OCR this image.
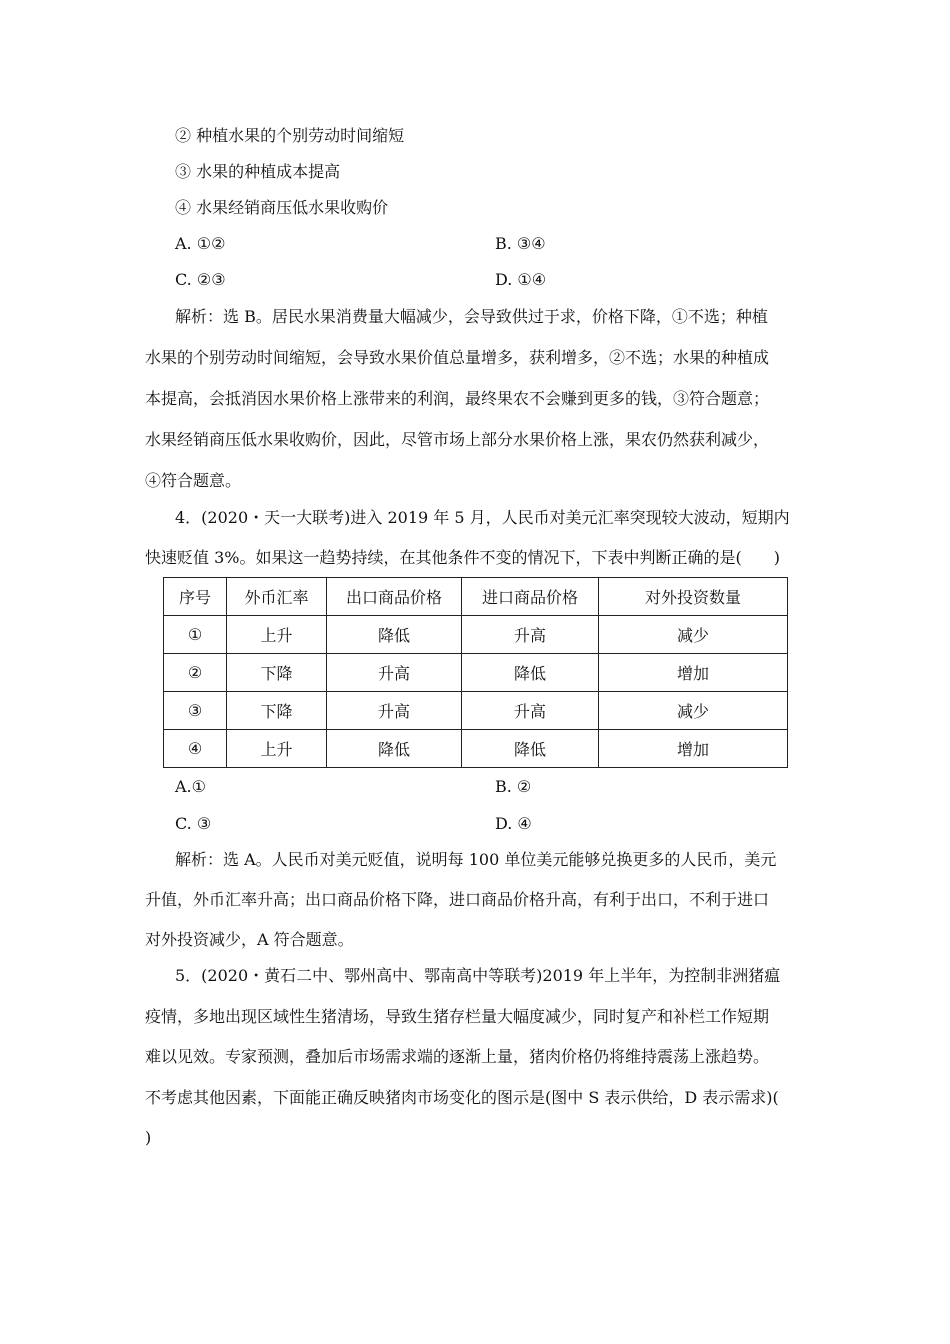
② 种植水果的个别劳动时间缩短
③ 水果的种植成本提高
④ 水果经销商压低水果收购价
A. ①②	B. ③④
C. ②③	D. ①④
解析：选 B。居民水果消费量大幅减少，会导致供过于求，价格下降，①不选；种植
水果的个别劳动时间缩短，会导致水果价值总量增多，获利增多，②不选；水果的种植成
本提高，会抵消因水果价格上涨带来的利润，最终果农不会赚到更多的钱，③符合题意；
水果经销商压低水果收购价，因此，尽管市场上部分水果价格上涨，果农仍然获利减少，
④符合题意。
4．(2020・天一大联考)进入 2019 年 5 月，人民币对美元汇率突现较大波动，短期内
快速贬值 3%。如果这一趋势持续，在其他条件不变的情况下，下表中判断正确的是(　　)
序号	外币汇率	出口商品价格	进口商品价格	对外投资数量
①	上升	降低	升高	减少
②	下降	升高	降低	增加
③	下降	升高	升高	减少
④	上升	降低	降低	增加
A.①	B. ②
C. ③	D. ④
解析：选 A。人民币对美元贬值，说明每 100 单位美元能够兑换更多的人民币，美元
升值，外币汇率升高；出口商品价格下降，进口商品价格升高，有利于出口，不利于进口
对外投资减少，A 符合题意。
5．(2020・黄石二中、鄂州高中、鄂南高中等联考)2019 年上半年，为控制非洲猪瘟
疫情，多地出现区域性生猪清场，导致生猪存栏量大幅度减少，同时复产和补栏工作短期
难以见效。专家预测，叠加后市场需求端的逐渐上量，猪肉价格仍将维持震荡上涨趋势。
不考虑其他因素，下面能正确反映猪肉市场变化的图示是(图中 S 表示供给，D 表示需求)(
)
